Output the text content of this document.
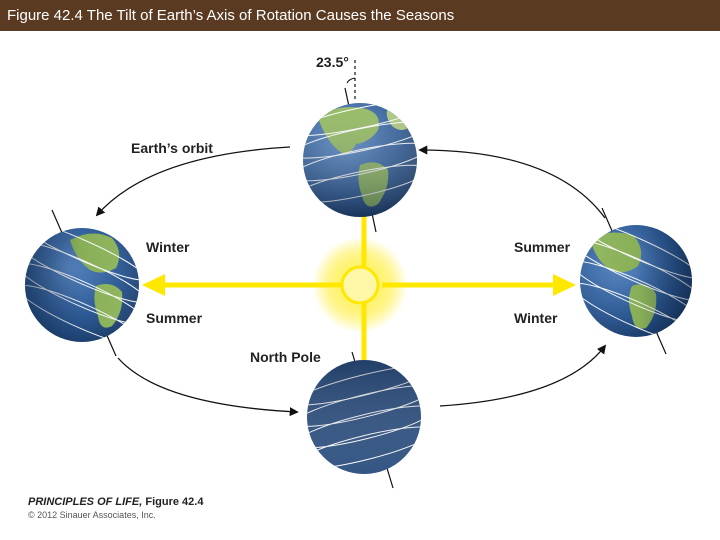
Figure 42.4 The Tilt of Earth’s Axis of Rotation Causes the Seasons
23.5°
Earth’s orbit
Winter
Summer
Summer
Winter
North Pole
PRINCIPLES OF LIFE, Figure 42.4
© 2012 Sinauer Associates, Inc.
